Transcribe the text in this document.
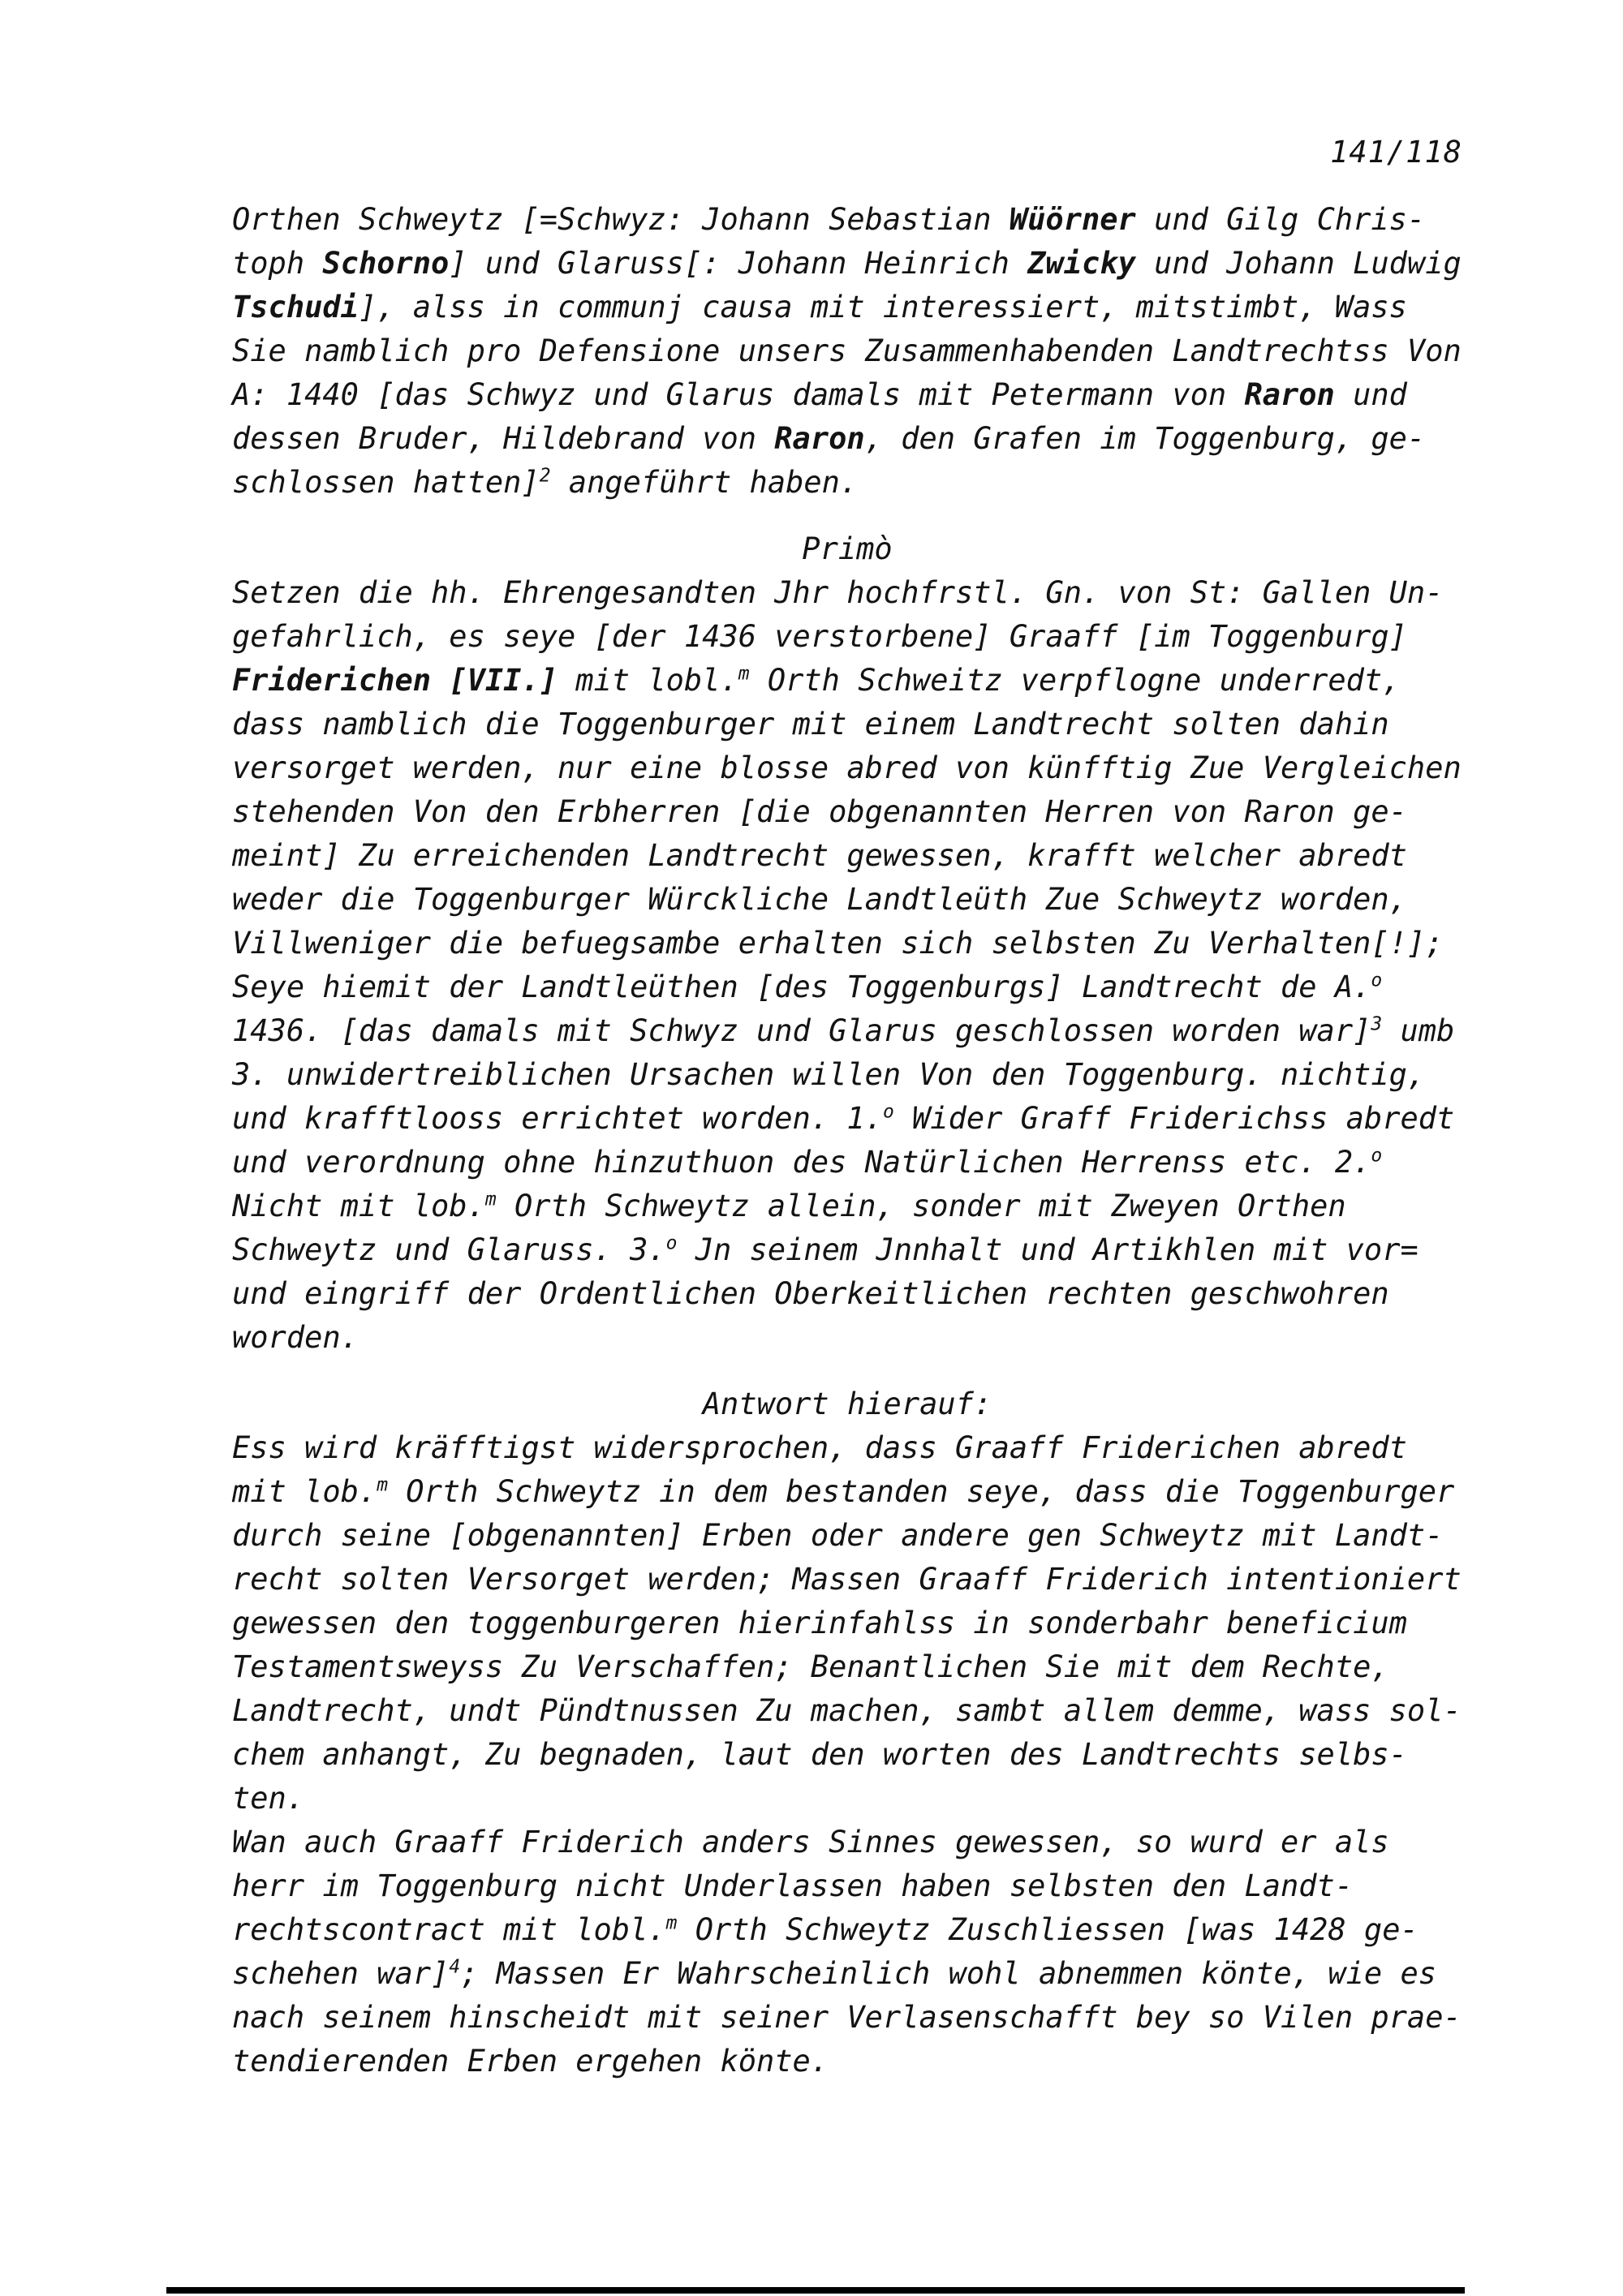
141/118
Orthen Schweytz [=Schwyz: Johann Sebastian Wüörner und Gilg Chris-
toph Schorno] und Glaruss[: Johann Heinrich Zwicky und Johann Ludwig
Tschudi], alss in communj causa mit interessiert, mitstimbt, Wass
Sie namblich pro Defensione unsers Zusammenhabenden Landtrechtss Von
A: 1440 [das Schwyz und Glarus damals mit Petermann von Raron und
dessen Bruder, Hildebrand von Raron, den Grafen im Toggenburg, ge-
schlossen hatten]$^2$ angeführt haben.
Primò
Setzen die hh. Ehrengesandten Jhr hochfrstl. Gn. von St: Gallen Un-
gefahrlich, es seye [der 1436 verstorbene] Graaff [im Toggenburg]
Friderichen [VII.] mit lobl.$^m$ Orth Schweitz verpflogne underredt,
dass namblich die Toggenburger mit einem Landtrecht solten dahin
versorget werden, nur eine blosse abred von künfftig Zue Vergleichen
stehenden Von den Erbherren [die obgenannten Herren von Raron ge-
meint] Zu erreichenden Landtrecht gewessen, krafft welcher abredt
weder die Toggenburger Würckliche Landtleüth Zue Schweytz worden,
Villweniger die befuegsambe erhalten sich selbsten Zu Verhalten[!];
Seye hiemit der Landtleüthen [des Toggenburgs] Landtrecht de A.$^o$
1436. [das damals mit Schwyz und Glarus geschlossen worden war]$^3$ umb
3. unwidertreiblichen Ursachen willen Von den Toggenburg. nichtig,
und krafftlooss errichtet worden. 1.$^o$ Wider Graff Friderichss abredt
und verordnung ohne hinzuthuon des Natürlichen Herrenss etc. 2.$^o$
Nicht mit lob.$^m$ Orth Schweytz allein, sonder mit Zweyen Orthen
Schweytz und Glaruss. 3.$^o$ Jn seinem Jnnhalt und Artikhlen mit vor=
und eingriff der Ordentlichen Oberkeitlichen rechten geschwohren
worden.
Antwort hierauf:
Ess wird kräfftigst widersprochen, dass Graaff Friderichen abredt
mit lob.$^m$ Orth Schweytz in dem bestanden seye, dass die Toggenburger
durch seine [obgenannten] Erben oder andere gen Schweytz mit Landt-
recht solten Versorget werden; Massen Graaff Friderich intentioniert
gewessen den toggenburgeren hierinfahlss in sonderbahr beneficium
Testamentsweyss Zu Verschaffen; Benantlichen Sie mit dem Rechte,
Landtrecht, undt Pündtnussen Zu machen, sambt allem demme, wass sol-
chem anhangt, Zu begnaden, laut den worten des Landtrechts selbs-
ten.
Wan auch Graaff Friderich anders Sinnes gewessen, so wurd er als
herr im Toggenburg nicht Underlassen haben selbsten den Landt-
rechtscontract mit lobl.$^m$ Orth Schweytz Zuschliessen [was 1428 ge-
schehen war]$^4$; Massen Er Wahrscheinlich wohl abnemmen könte, wie es
nach seinem hinscheidt mit seiner Verlasenschafft bey so Vilen prae-
tendierenden Erben ergehen könte.
